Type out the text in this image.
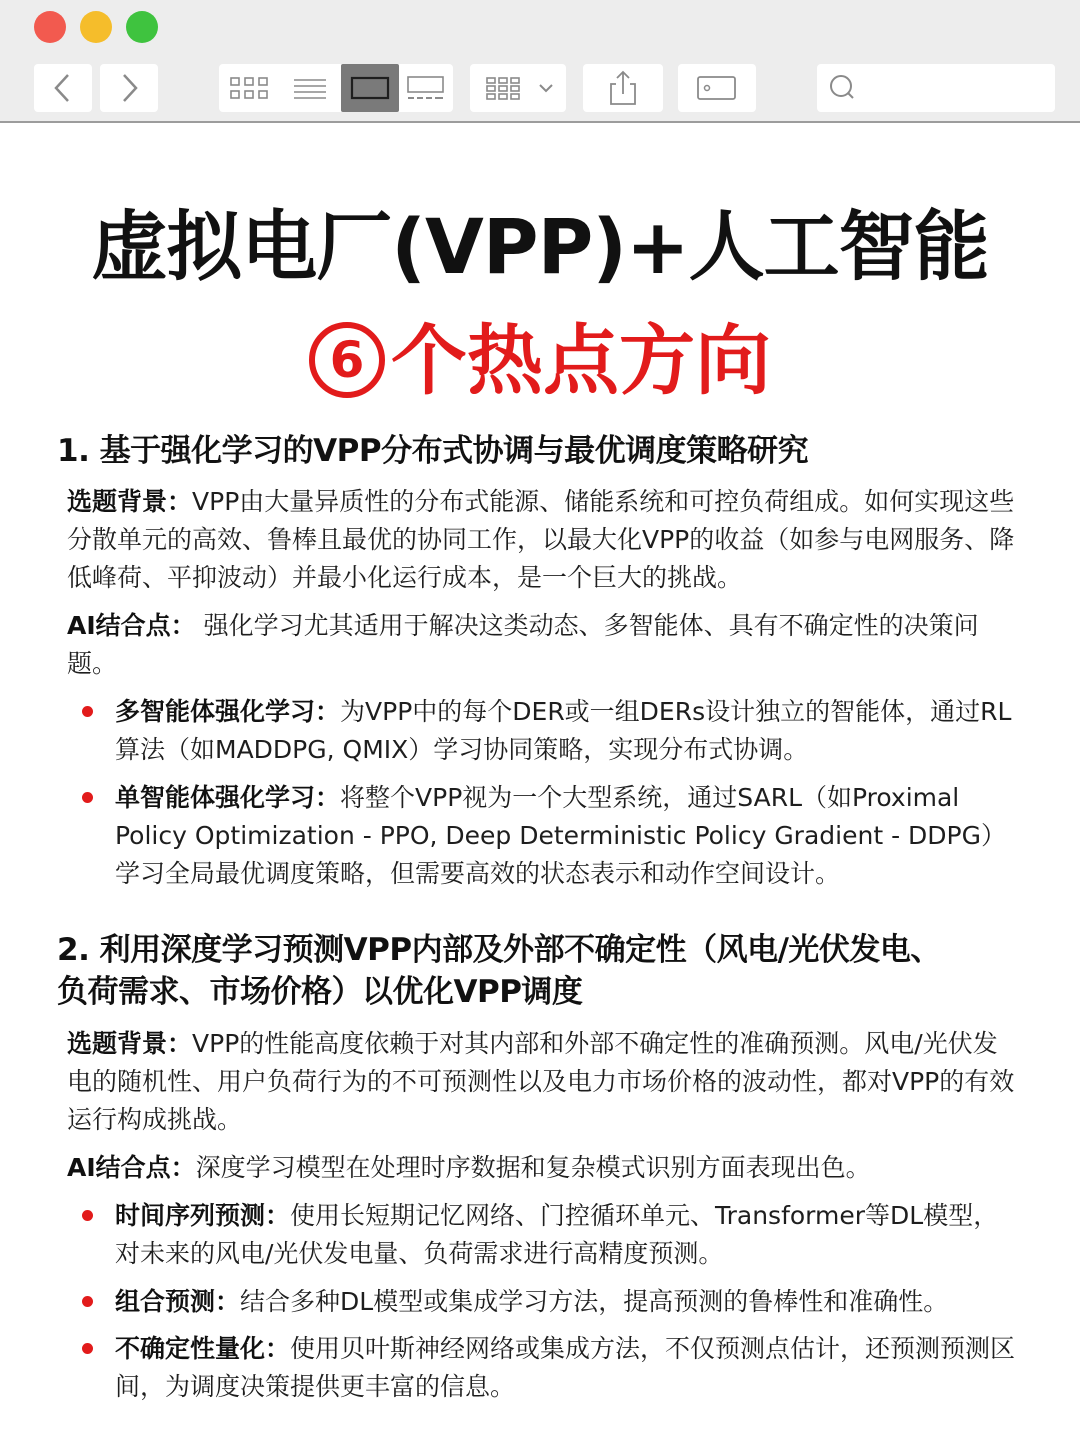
虚拟电厂(VPP)+人工智能
6 个热点方向
1. 基于强化学习的VPP分布式协调与最优调度策略研究
选题背景：VPP由大量异质性的分布式能源、储能系统和可控负荷组成。如何实现这些分散单元的高效、鲁棒且最优的协同工作，以最大化VPP的收益（如参与电网服务、降低峰荷、平抑波动）并最小化运行成本，是一个巨大的挑战。
AI结合点： 强化学习尤其适用于解决这类动态、多智能体、具有不确定性的决策问题。
多智能体强化学习：为VPP中的每个DER或一组DERs设计独立的智能体，通过RL算法（如MADDPG, QMIX）学习协同策略，实现分布式协调。
单智能体强化学习：将整个VPP视为一个大型系统，通过SARL（如Proximal Policy Optimization - PPO, Deep Deterministic Policy Gradient - DDPG）学习全局最优调度策略，但需要高效的状态表示和动作空间设计。
2. 利用深度学习预测VPP内部及外部不确定性（风电/光伏发电、
负荷需求、市场价格）以优化VPP调度
选题背景：VPP的性能高度依赖于对其内部和外部不确定性的准确预测。风电/光伏发电的随机性、用户负荷行为的不可预测性以及电力市场价格的波动性，都对VPP的有效运行构成挑战。
AI结合点：深度学习模型在处理时序数据和复杂模式识别方面表现出色。
时间序列预测：使用长短期记忆网络、门控循环单元、Transformer等DL模型，对未来的风电/光伏发电量、负荷需求进行高精度预测。
组合预测：结合多种DL模型或集成学习方法，提高预测的鲁棒性和准确性。
不确定性量化：使用贝叶斯神经网络或集成方法，不仅预测点估计，还预测预测区间，为调度决策提供更丰富的信息。
